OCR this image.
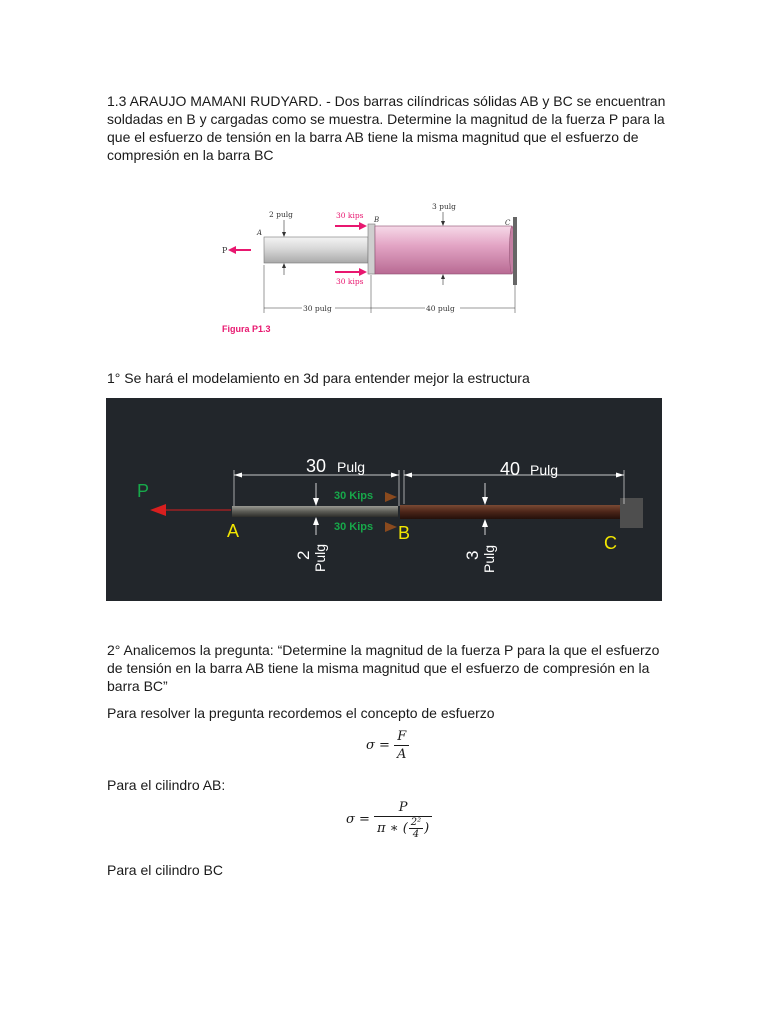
1.3 ARAUJO MAMANI RUDYARD. - Dos barras cilíndricas sólidas AB y BC se encuentran
soldadas en B y cargadas como se muestra. Determine la magnitud de la fuerza P para la
que el esfuerzo de tensión en la barra AB tiene la misma magnitud que el esfuerzo de
compresión en la barra BC

P
A
B	C
30 kips
30 kips
2 pulg
3 pulg
30 pulg	40 pulg
Figura P1.3

1° Se hará el modelamiento en 3d para entender mejor la estructura

P
A	B	C
30 Pulg	40 Pulg
30 Kips
30 Kips
2 Pulg	3 Pulg

2° Analicemos la pregunta: “Determine la magnitud de la fuerza P para la que el esfuerzo
de tensión en la barra AB tiene la misma magnitud que el esfuerzo de compresión en la
barra BC”

Para resolver la pregunta recordemos el concepto de esfuerzo

$\sigma = \frac{F}{A}$

Para el cilindro AB:

$\sigma = \frac{P}{\pi ∗ ( \frac{\text{2²}}{4} )}$

Para el cilindro BC
